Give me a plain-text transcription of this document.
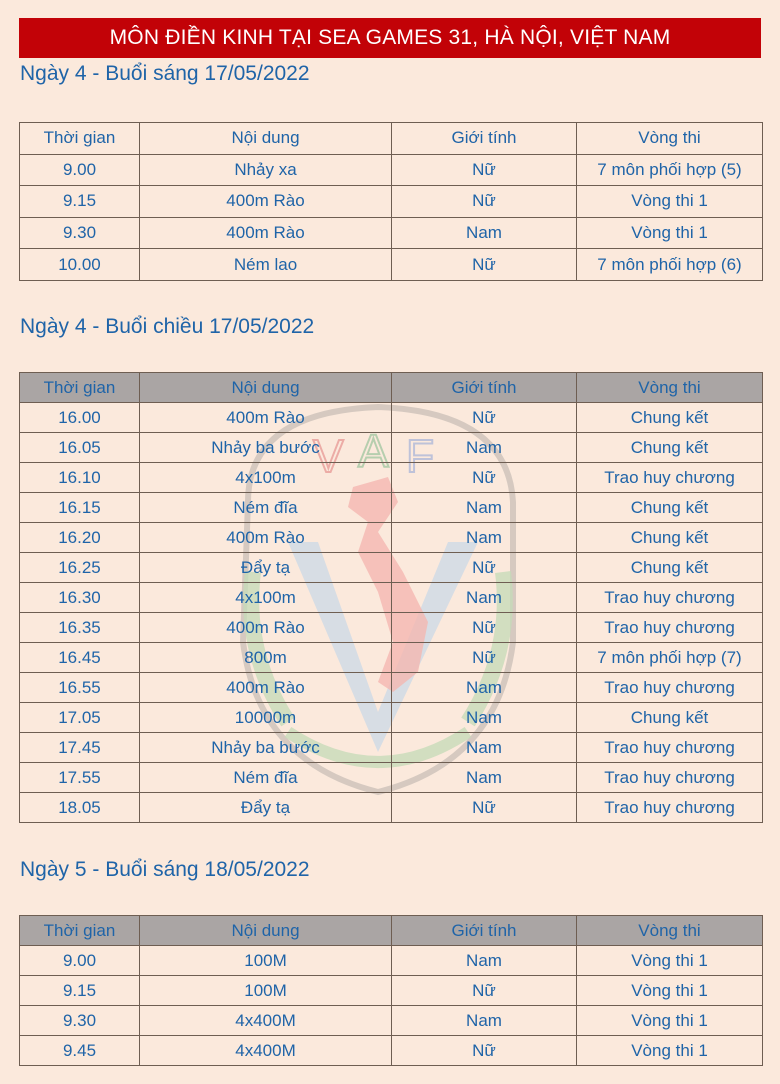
MÔN ĐIỀN KINH TẠI SEA GAMES 31, HÀ NỘI, VIỆT NAM
V A F
Ngày 4 - Buổi sáng 17/05/2022
Thời gian	Nội dung	Giới tính	Vòng thi
9.00	Nhảy xa	Nữ	7 môn phối hợp (5)
9.15	400m Rào	Nữ	Vòng thi 1
9.30	400m Rào	Nam	Vòng thi 1
10.00	Ném lao	Nữ	7 môn phối hợp (6)
Ngày 4 - Buổi chiều 17/05/2022
Thời gian	Nội dung	Giới tính	Vòng thi
16.00	400m Rào	Nữ	Chung kết
16.05	Nhảy ba bước	Nam	Chung kết
16.10	4x100m	Nữ	Trao huy chương
16.15	Ném đĩa	Nam	Chung kết
16.20	400m Rào	Nam	Chung kết
16.25	Đẩy tạ	Nữ	Chung kết
16.30	4x100m	Nam	Trao huy chương
16.35	400m Rào	Nữ	Trao huy chương
16.45	800m	Nữ	7 môn phối hợp (7)
16.55	400m Rào	Nam	Trao huy chương
17.05	10000m	Nam	Chung kết
17.45	Nhảy ba bước	Nam	Trao huy chương
17.55	Ném đĩa	Nam	Trao huy chương
18.05	Đẩy tạ	Nữ	Trao huy chương
Ngày 5 - Buổi sáng 18/05/2022
Thời gian	Nội dung	Giới tính	Vòng thi
9.00	100M	Nam	Vòng thi 1
9.15	100M	Nữ	Vòng thi 1
9.30	4x400M	Nam	Vòng thi 1
9.45	4x400M	Nữ	Vòng thi 1
